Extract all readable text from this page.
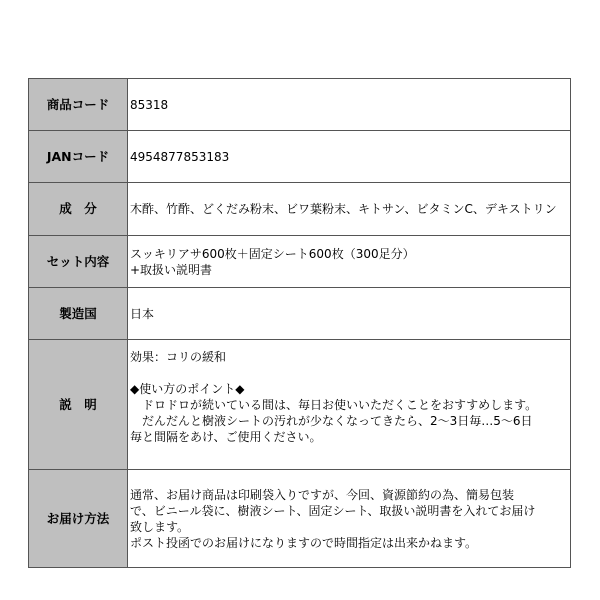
商品コード	85318
JANコード	4954877853183
成　分	木酢、竹酢、どくだみ粉末、ビワ葉粉末、キトサン、ビタミンC、デキストリン
セット内容	スッキリアサ600枚＋固定シート600枚（300足分）
+取扱い説明書
製造国	日本
説　明	効果：コリの緩和

◆使い方のポイント◆
　ドロドロが続いている間は、毎日お使いいただくことをおすすめします。
　だんだんと樹液シートの汚れが少なくなってきたら、2～3日毎…5～6日
毎と間隔をあけ、ご使用ください。
お届け方法	通常、お届け商品は印刷袋入りですが、今回、資源節約の為、簡易包装
で、ビニール袋に、樹液シート、固定シート、取扱い説明書を入れてお届け
致します。
ポスト投函でのお届けになりますので時間指定は出来かねます。
